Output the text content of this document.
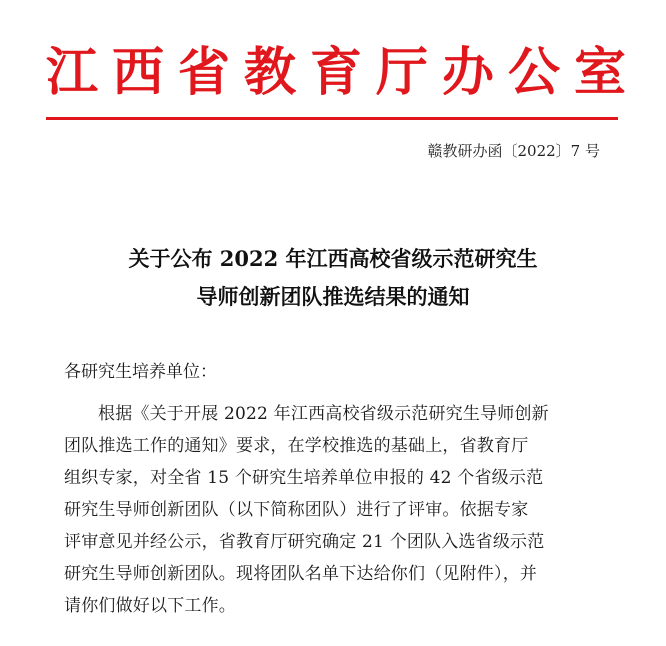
江西省教育厅办公室
赣教研办函〔2022〕7 号
关于公布 2022 年江西高校省级示范研究生
导师创新团队推选结果的通知
各研究生培养单位：
根据《关于开展 2022 年江西高校省级示范研究生导师创新
团队推选工作的通知》要求，在学校推选的基础上，省教育厅
组织专家，对全省 15 个研究生培养单位申报的 42 个省级示范
研究生导师创新团队（以下简称团队）进行了评审。依据专家
评审意见并经公示，省教育厅研究确定 21 个团队入选省级示范
研究生导师创新团队。现将团队名单下达给你们（见附件），并
请你们做好以下工作。
